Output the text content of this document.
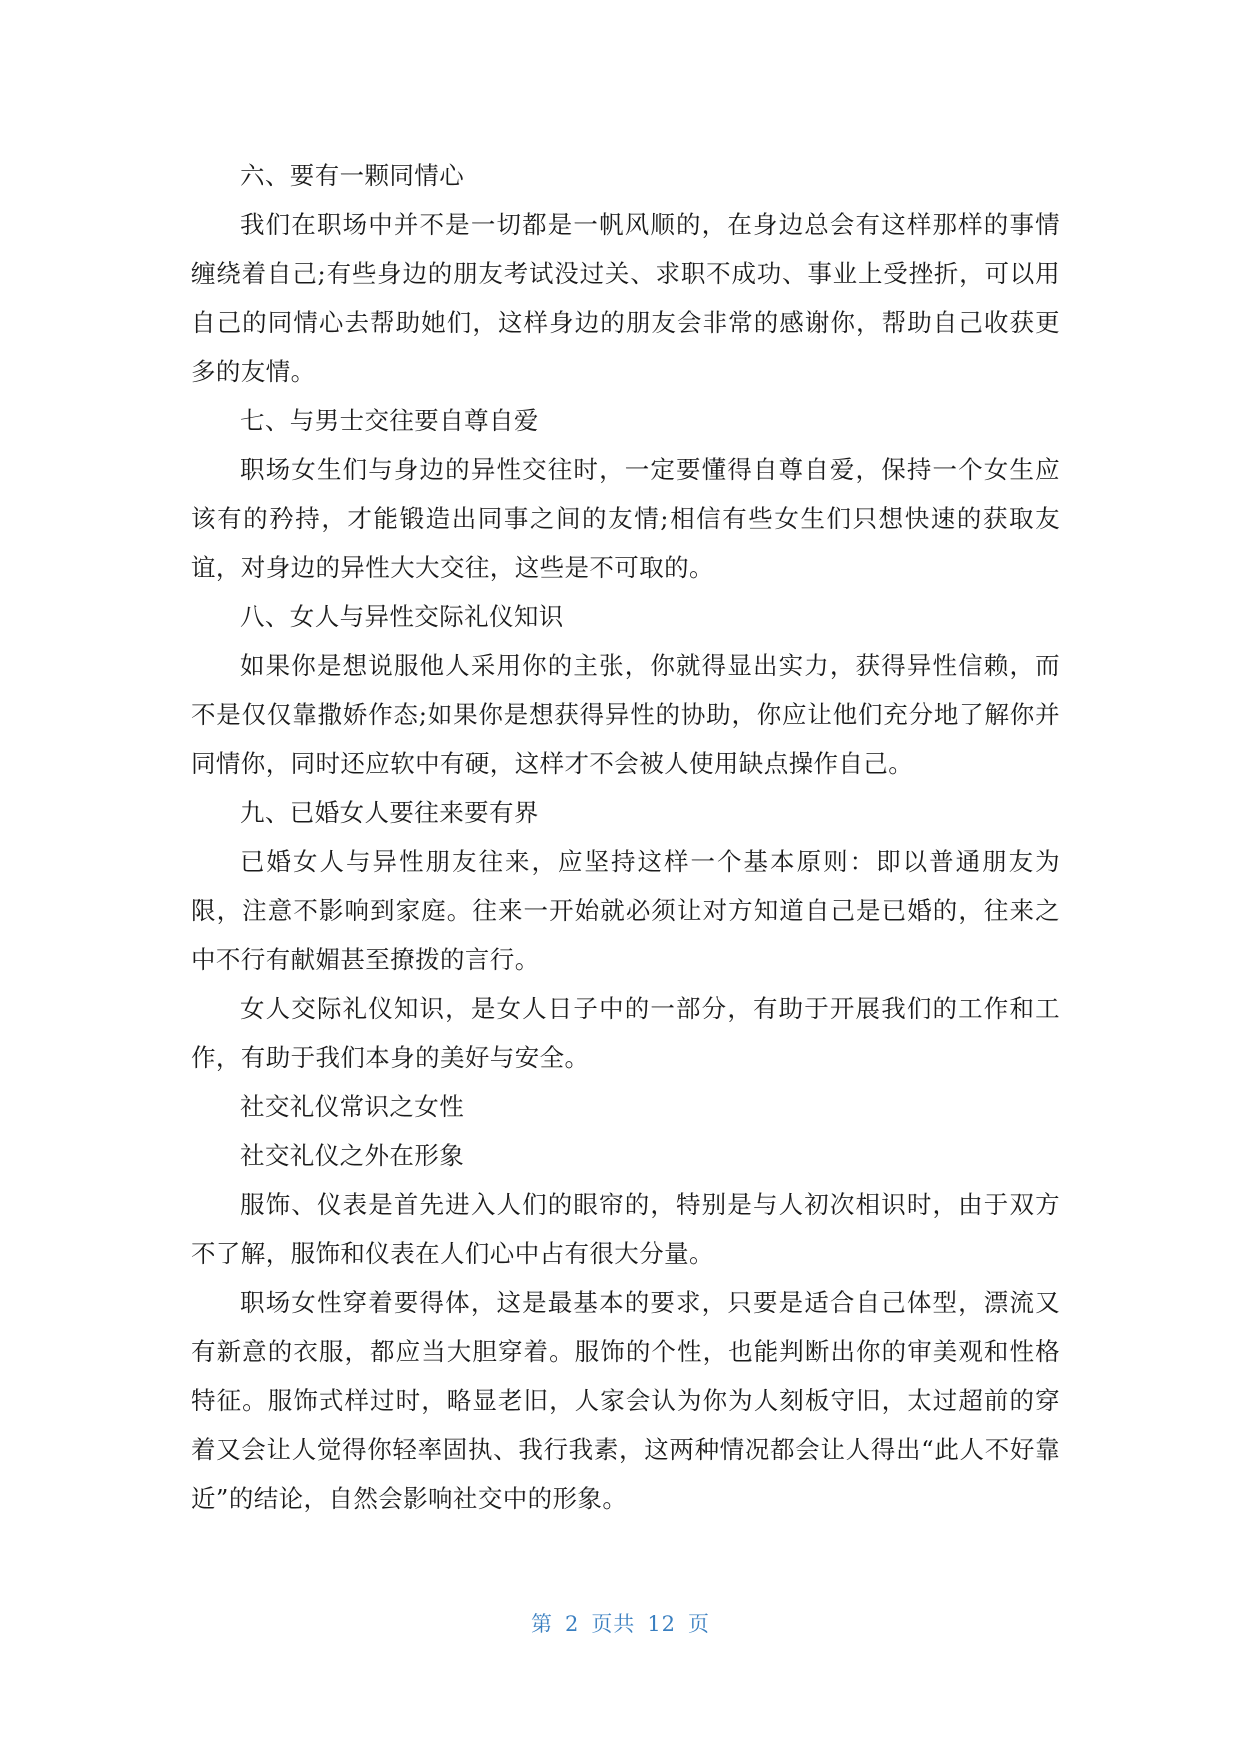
六、要有一颗同情心

我们在职场中并不是一切都是一帆风顺的，在身边总会有这样那样的事情缠绕着自己;有些身边的朋友考试没过关、求职不成功、事业上受挫折，可以用自己的同情心去帮助她们，这样身边的朋友会非常的感谢你，帮助自己收获更多的友情。

七、与男士交往要自尊自爱

职场女生们与身边的异性交往时，一定要懂得自尊自爱，保持一个女生应该有的矜持，才能锻造出同事之间的友情;相信有些女生们只想快速的获取友谊，对身边的异性大大交往，这些是不可取的。

八、女人与异性交际礼仪知识

如果你是想说服他人采用你的主张，你就得显出实力，获得异性信赖，而不是仅仅靠撒娇作态;如果你是想获得异性的协助，你应让他们充分地了解你并同情你，同时还应软中有硬，这样才不会被人使用缺点操作自己。

九、已婚女人要往来要有界

已婚女人与异性朋友往来，应坚持这样一个基本原则：即以普通朋友为限，注意不影响到家庭。往来一开始就必须让对方知道自己是已婚的，往来之中不行有献媚甚至撩拨的言行。

女人交际礼仪知识，是女人日子中的一部分，有助于开展我们的工作和工作，有助于我们本身的美好与安全。

社交礼仪常识之女性

社交礼仪之外在形象

服饰、仪表是首先进入人们的眼帘的，特别是与人初次相识时，由于双方不了解，服饰和仪表在人们心中占有很大分量。

职场女性穿着要得体，这是最基本的要求，只要是适合自己体型，漂流又有新意的衣服，都应当大胆穿着。服饰的个性，也能判断出你的审美观和性格特征。服饰式样过时，略显老旧，人家会认为你为人刻板守旧，太过超前的穿着又会让人觉得你轻率固执、我行我素，这两种情况都会让人得出“此人不好靠近”的结论，自然会影响社交中的形象。

第 2 页共 12 页
